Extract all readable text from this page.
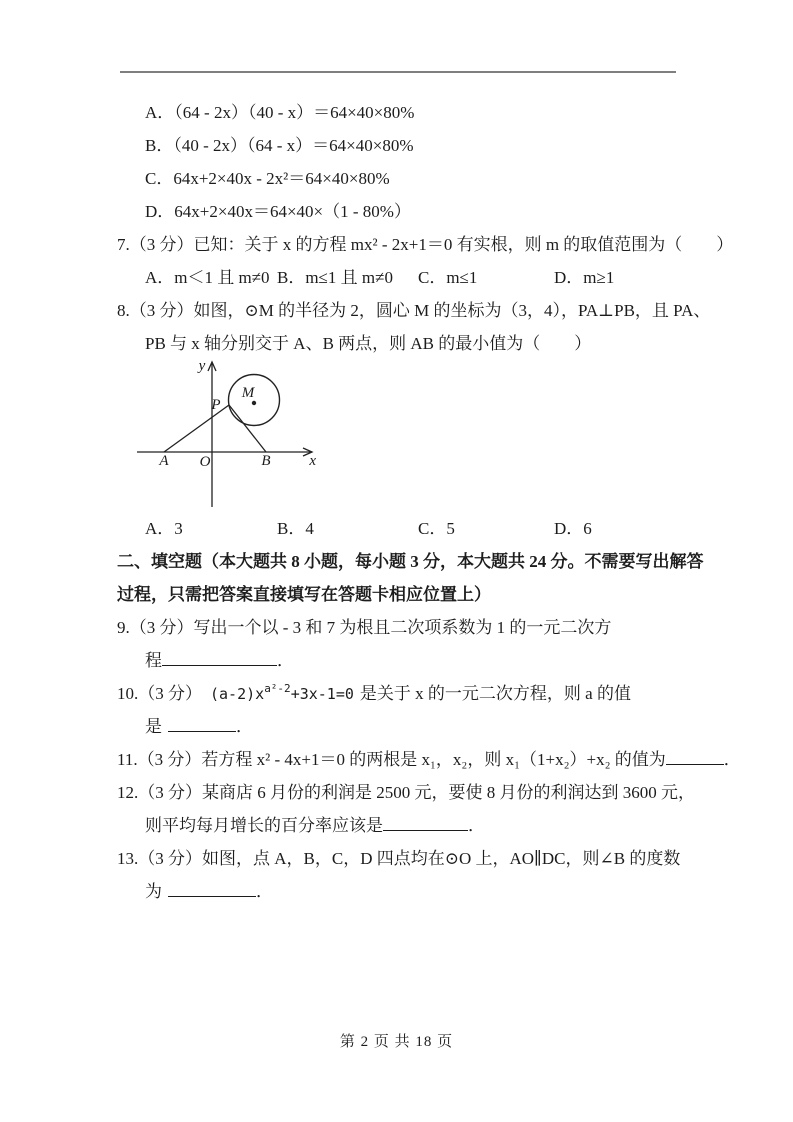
A．（64 - 2x）（40 - x）＝64×40×80%
B．（40 - 2x）（64 - x）＝64×40×80%
C．64x+2×40x - 2x²＝64×40×80%
D．64x+2×40x＝64×40×（1 - 80%）
7.（3 分）已知：关于 x 的方程 mx² - 2x+1＝0 有实根，则 m 的取值范围为（　　）
A．m＜1 且 m≠0 B．m≤1 且 m≠0 C．m≤1	D．m≥1
8.（3 分）如图，⊙M 的半径为 2，圆心 M 的坐标为（3，4），PA⊥PB，且 PA、
PB 与 x 轴分别交于 A、B 两点，则 AB 的最小值为（　　）
y
x
A O	B
M
P
A．3	B．4	C．5	D．6
二、填空题（本大题共 8 小题，每小题 3 分，本大题共 24 分。不需要写出解答
过程，只需把答案直接填写在答题卡相应位置上）
9.（3 分）写出一个以 - 3 和 7 为根且二次项系数为 1 的一元二次方
程	．
10.（3 分） $(a-2)x^{a^2-2}+3x-1=0$ 是关于 x 的一元二次方程，则 a 的值
是	．
11.（3 分）若方程 x² - 4x+1＝0 的两根是 x₁，x₂，则 x₁（1+x₂）+x₂ 的值为	．
12.（3 分）某商店 6 月份的利润是 2500 元，要使 8 月份的利润达到 3600 元，
则平均每月增长的百分率应该是	．
13.（3 分）如图，点 A，B，C，D 四点均在⊙O 上，AO∥DC，则∠B 的度数
为	．
第 2 页 共 18 页
